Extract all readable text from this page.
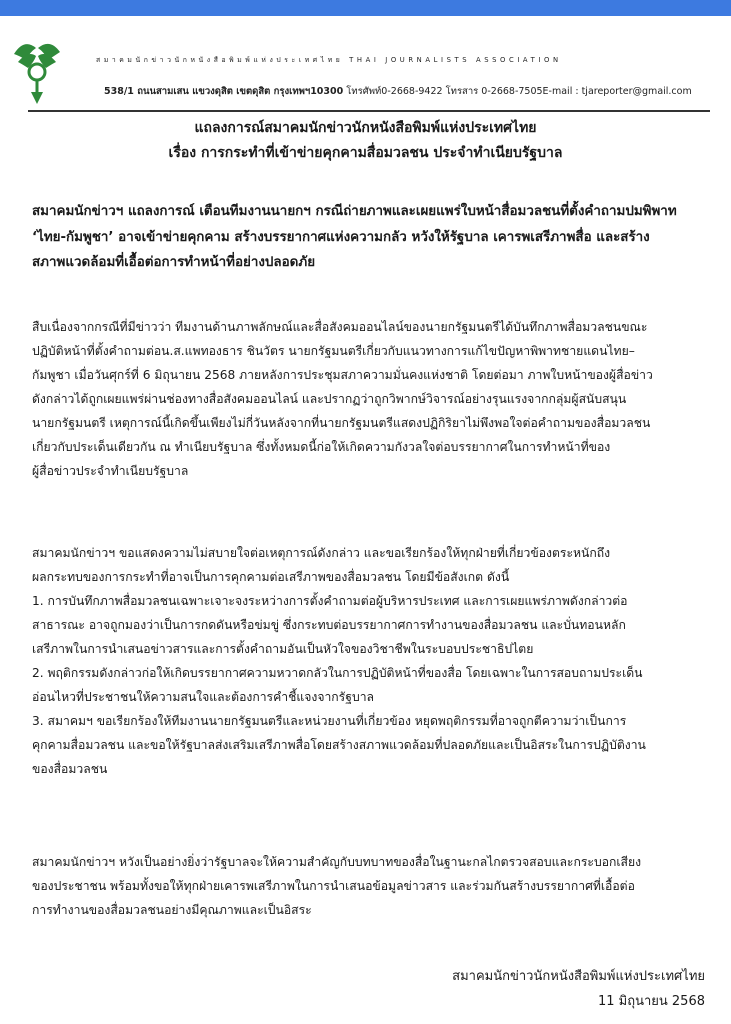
สมาคมนักข่าวนักหนังสือพิมพ์แห่งประเทศไทย THAI JOURNALISTS ASSOCIATION
538/1 ถนนสามเสน แขวงดุสิต เขตดุสิต กรุงเทพฯ10300 โทรศัพท์0-2668-9422 โทรสาร 0-2668-7505E-mail : tjareporter@gmail.com
แถลงการณ์สมาคมนักข่าวนักหนังสือพิมพ์แห่งประเทศไทย
เรื่อง การกระทำที่เข้าข่ายคุกคามสื่อมวลชน ประจำทำเนียบรัฐบาล
สมาคมนักข่าวฯ แถลงการณ์ เตือนทีมงานนายกฯ กรณีถ่ายภาพและเผยแพร่ใบหน้าสื่อมวลชนที่ตั้งคำถามปมพิพาท
‘ไทย-กัมพูชา’ อาจเข้าข่ายคุกคาม สร้างบรรยากาศแห่งความกลัว หวังให้รัฐบาล เคารพเสรีภาพสื่อ และสร้าง
สภาพแวดล้อมที่เอื้อต่อการทำหน้าที่อย่างปลอดภัย
สืบเนื่องจากกรณีที่มีข่าวว่า ทีมงานด้านภาพลักษณ์และสื่อสังคมออนไลน์ของนายกรัฐมนตรีได้บันทึกภาพสื่อมวลชนขณะ
ปฏิบัติหน้าที่ตั้งคำถามต่อน.ส.แพทองธาร ชินวัตร นายกรัฐมนตรีเกี่ยวกับแนวทางการแก้ไขปัญหาพิพาทชายแดนไทย–
กัมพูชา เมื่อวันศุกร์ที่ 6 มิถุนายน 2568 ภายหลังการประชุมสภาความมั่นคงแห่งชาติ โดยต่อมา ภาพใบหน้าของผู้สื่อข่าว
ดังกล่าวได้ถูกเผยแพร่ผ่านช่องทางสื่อสังคมออนไลน์ และปรากฏว่าถูกวิพากษ์วิจารณ์อย่างรุนแรงจากกลุ่มผู้สนับสนุน
นายกรัฐมนตรี เหตุการณ์นี้เกิดขึ้นเพียงไม่กี่วันหลังจากที่นายกรัฐมนตรีแสดงปฏิกิริยาไม่พึงพอใจต่อคำถามของสื่อมวลชน
เกี่ยวกับประเด็นเดียวกัน ณ ทำเนียบรัฐบาล ซึ่งทั้งหมดนี้ก่อให้เกิดความกังวลใจต่อบรรยากาศในการทำหน้าที่ของ
ผู้สื่อข่าวประจำทำเนียบรัฐบาล
สมาคมนักข่าวฯ ขอแสดงความไม่สบายใจต่อเหตุการณ์ดังกล่าว และขอเรียกร้องให้ทุกฝ่ายที่เกี่ยวข้องตระหนักถึง
ผลกระทบของการกระทำที่อาจเป็นการคุกคามต่อเสรีภาพของสื่อมวลชน โดยมีข้อสังเกต ดังนี้
1. การบันทึกภาพสื่อมวลชนเฉพาะเจาะจงระหว่างการตั้งคำถามต่อผู้บริหารประเทศ และการเผยแพร่ภาพดังกล่าวต่อ
สาธารณะ อาจถูกมองว่าเป็นการกดดันหรือข่มขู่ ซึ่งกระทบต่อบรรยากาศการทำงานของสื่อมวลชน และบั่นทอนหลัก
เสรีภาพในการนำเสนอข่าวสารและการตั้งคำถามอันเป็นหัวใจของวิชาชีพในระบอบประชาธิปไตย
2. พฤติกรรมดังกล่าวก่อให้เกิดบรรยากาศความหวาดกลัวในการปฏิบัติหน้าที่ของสื่อ โดยเฉพาะในการสอบถามประเด็น
อ่อนไหวที่ประชาชนให้ความสนใจและต้องการคำชี้แจงจากรัฐบาล
3. สมาคมฯ ขอเรียกร้องให้ทีมงานนายกรัฐมนตรีและหน่วยงานที่เกี่ยวข้อง หยุดพฤติกรรมที่อาจถูกตีความว่าเป็นการ
คุกคามสื่อมวลชน และขอให้รัฐบาลส่งเสริมเสรีภาพสื่อโดยสร้างสภาพแวดล้อมที่ปลอดภัยและเป็นอิสระในการปฏิบัติงาน
ของสื่อมวลชน
สมาคมนักข่าวฯ หวังเป็นอย่างยิ่งว่ารัฐบาลจะให้ความสำคัญกับบทบาทของสื่อในฐานะกลไกตรวจสอบและกระบอกเสียง
ของประชาชน พร้อมทั้งขอให้ทุกฝ่ายเคารพเสรีภาพในการนำเสนอข้อมูลข่าวสาร และร่วมกันสร้างบรรยากาศที่เอื้อต่อ
การทำงานของสื่อมวลชนอย่างมีคุณภาพและเป็นอิสระ
สมาคมนักข่าวนักหนังสือพิมพ์แห่งประเทศไทย
11 มิถุนายน 2568
